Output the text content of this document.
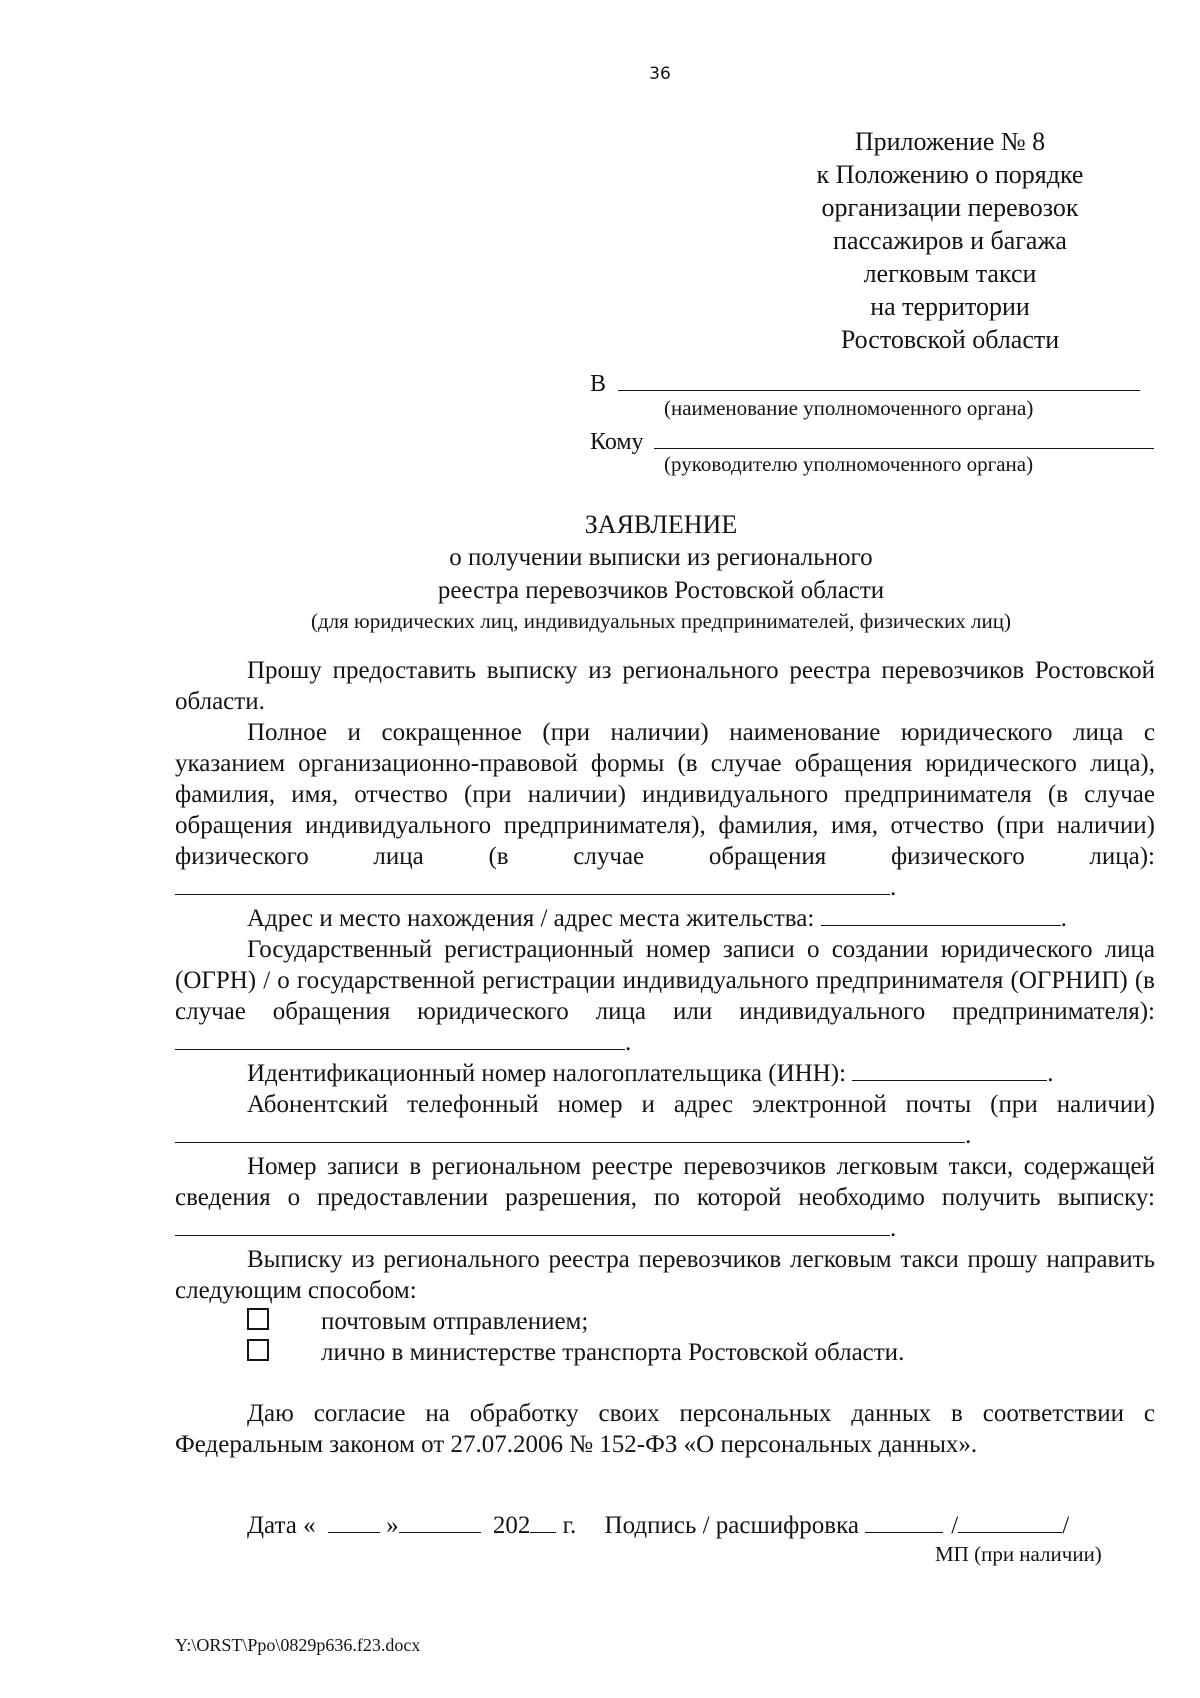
36
Приложение № 8
к Положению о порядке
организации перевозок
пассажиров и багажа
легковым такси
на территории
Ростовской области
В
(наименование уполномоченного органа)
Кому
(руководителю уполномоченного органа)
ЗАЯВЛЕНИЕ
о получении выписки из регионального
реестра перевозчиков Ростовской области
(для юридических лиц, индивидуальных предпринимателей, физических лиц)

Прошу предоставить выписку из регионального реестра перевозчиков Ростовской области.

Полное и сокращенное (при наличии) наименование юридического лица с указанием организационно-правовой формы (в случае обращения юридического лица), фамилия, имя, отчество (при наличии) индивидуального предпринимателя (в случае обращения индивидуального предпринимателя), фамилия, имя, отчество (при наличии) физического лица (в случае обращения физического лица): .

Адрес и место нахождения / адрес места жительства:	.

Государственный регистрационный номер записи о создании юридического лица (ОГРН) / о государственной регистрации индивидуального предпринимателя (ОГРНИП) (в случае обращения юридического лица или индивидуального предпринимателя): .

Идентификационный номер налогоплательщика (ИНН):	.

Абонентский телефонный номер и адрес электронной почты (при наличии) .

Номер записи в региональном реестре перевозчиков легковым такси, содержащей сведения о предоставлении разрешения, по которой необходимо получить выписку: .

Выписку из регионального реестра перевозчиков легковым такси прошу направить следующим способом:

почтовым отправлением;
лично в министерстве транспорта Ростовской области.

Даю согласие на обработку своих персональных данных в соответствии с Федеральным законом от 27.07.2006 № 152-ФЗ «О персональных данных».

Дата «	»	202 г. Подпись / расшифровка	/	/
МП (при наличии)
Y:\ORST\Ppo\0829p636.f23.docx
